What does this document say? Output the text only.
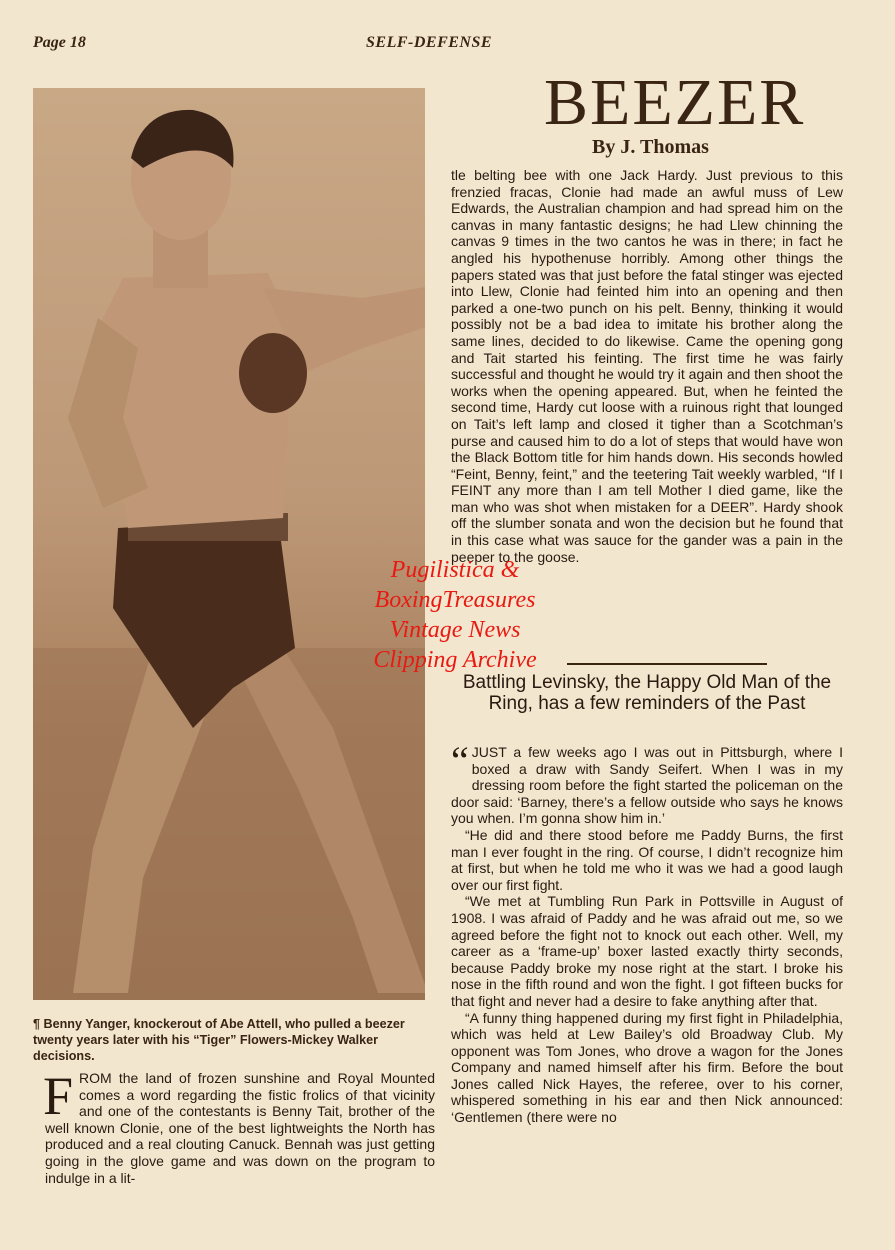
Page 18	SELF-DEFENSE
¶ Benny Yanger, knockerout of Abe Attell, who pulled a beezer twenty years later with his “Tiger” Flowers-Mickey Walker decisions.
F ROM the land of frozen sunshine and Royal Mounted comes a word regarding the fistic frolics of that vicinity and one of the contestants is Benny Tait, brother of the well known Clonie, one of the best lightweights the North has produced and a real clouting Canuck. Bennah was just getting going in the glove game and was down on the program to indulge in a lit-
BEEZER
By J. Thomas

tle belting bee with one Jack Hardy. Just previous to this frenzied fracas, Clonie had made an awful muss of Lew Edwards, the Australian champion and had spread him on the canvas in many fantastic designs; he had Llew chinning the canvas 9 times in the two cantos he was in there; in fact he angled his hypothenuse horribly. Among other things the papers stated was that just before the fatal stinger was ejected into Llew, Clonie had feinted him into an opening and then parked a one-two punch on his pelt. Benny, thinking it would possibly not be a bad idea to imitate his brother along the same lines, decided to do likewise. Came the opening gong and Tait started his feinting. The first time he was fairly successful and thought he would try it again and then shoot the works when the opening appeared. But, when he feinted the second time, Hardy cut loose with a ruinous right that lounged on Tait’s left lamp and closed it tigher than a Scotchman’s purse and caused him to do a lot of steps that would have won the Black Bottom title for him hands down. His seconds howled “Feint, Benny, feint,” and the teetering Tait weekly warbled, “If I FEINT any more than I am tell Mother I died game, like the man who was shot when mistaken for a DEER”. Hardy shook off the slumber sonata and won the decision but he found that in this case what was sauce for the gander was a pain in the peeper to the goose.

Battling Levinsky, the Happy Old Man of the Ring, has a few reminders of the Past

“ JUST a few weeks ago I was out in Pittsburgh, where I boxed a draw with Sandy Seifert. When I was in my dressing room before the fight started the policeman on the door said: ‘Barney, there’s a fellow outside who says he knows you when. I’m gonna show him in.’

“He did and there stood before me Paddy Burns, the first man I ever fought in the ring. Of course, I didn’t recognize him at first, but when he told me who it was we had a good laugh over our first fight.

“We met at Tumbling Run Park in Pottsville in August of 1908. I was afraid of Paddy and he was afraid out me, so we agreed before the fight not to knock out each other. Well, my career as a ‘frame-up’ boxer lasted exactly thirty seconds, because Paddy broke my nose right at the start. I broke his nose in the fifth round and won the fight. I got fifteen bucks for that fight and never had a desire to fake anything after that.

“A funny thing happened during my first fight in Philadelphia, which was held at Lew Bailey’s old Broadway Club. My opponent was Tom Jones, who drove a wagon for the Jones Company and named himself after his firm. Before the bout Jones called Nick Hayes, the referee, over to his corner, whispered something in his ear and then Nick announced: ‘Gentlemen (there were no

Pugilistica &
BoxingTreasures
Vintage News
Clipping Archive
